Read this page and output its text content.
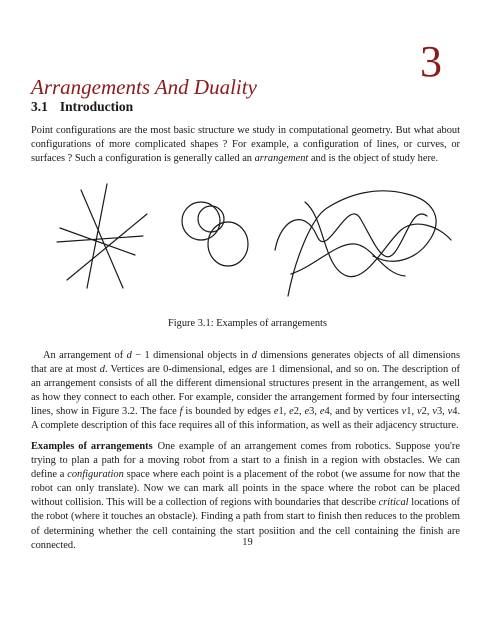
Arrangements And Duality
3
3.1 Introduction

Point configurations are the most basic structure we study in computational geometry. But what about configurations of more complicated shapes ? For example, a configuration of lines, or curves, or surfaces ? Such a configuration is generally called an arrangement and is the object of study here.

Figure 3.1: Examples of arrangements

An arrangement of d − 1 dimensional objects in d dimensions generates objects of all dimensions that are at most d. Vertices are 0-dimensional, edges are 1 dimensional, and so on. The description of an arrangement consists of all the different dimensional structures present in the arrangement, as well as how they connect to each other. For example, consider the arrangement formed by four intersecting lines, show in Figure 3.2. The face f is bounded by edges e1, e2, e3, e4, and by vertices v1, v2, v3, v4. A complete description of this face requires all of this information, as well as their adjacency structure.

Examples of arrangements One example of an arrangement comes from robotics. Suppose you're trying to plan a path for a moving robot from a start to a finish in a region with obstacles. We can define a configuration space where each point is a placement of the robot (we assume for now that the robot can only translate). Now we can mark all points in the space where the robot can be placed without collision. This will be a collection of regions with boundaries that describe critical locations of the robot (where it touches an obstacle). Finding a path from start to finish then reduces to the problem of determining whether the cell containing the start posiition and the cell containing the finish are connected.	19
